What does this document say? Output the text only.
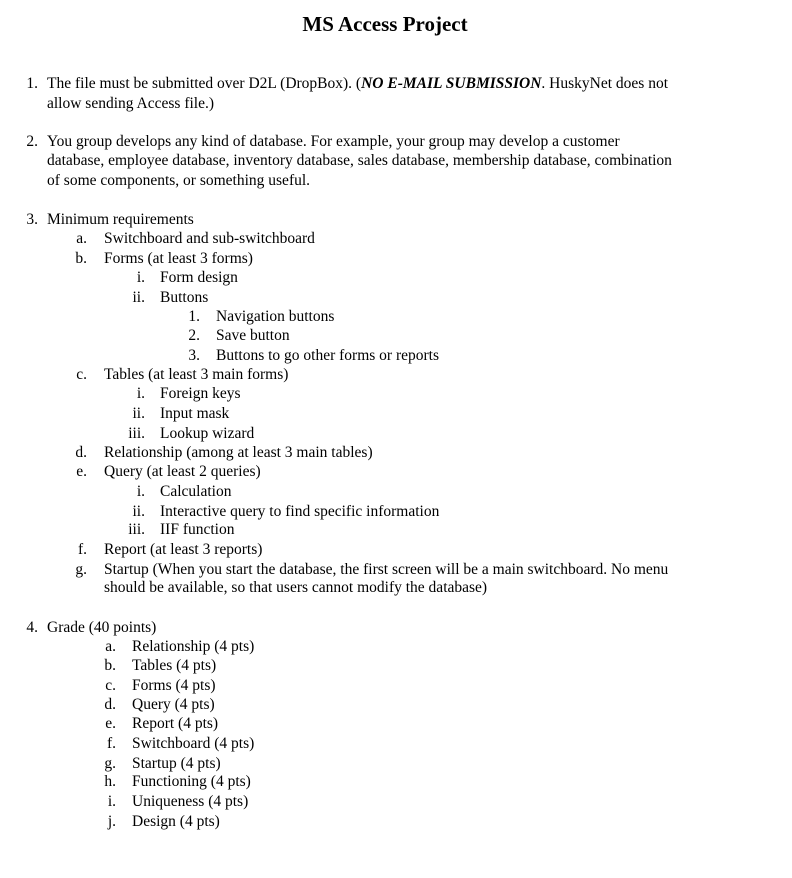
MS Access Project
1. The file must be submitted over D2L (DropBox). (NO E-MAIL SUBMISSION. HuskyNet does not
allow sending Access file.)
2. You group develops any kind of database. For example, your group may develop a customer
database, employee database, inventory database, sales database, membership database, combination
of some components, or something useful.
3. Minimum requirements
a. Switchboard and sub-switchboard
b. Forms (at least 3 forms)
i. Form design
ii. Buttons
1. Navigation buttons
2. Save button
3. Buttons to go other forms or reports
c. Tables (at least 3 main forms)
i. Foreign keys
ii. Input mask
iii. Lookup wizard
d. Relationship (among at least 3 main tables)
e. Query (at least 2 queries)
i. Calculation
ii. Interactive query to find specific information
iii. IIF function
f. Report (at least 3 reports)
g. Startup (When you start the database, the first screen will be a main switchboard. No menu
should be available, so that users cannot modify the database)
4. Grade (40 points)
a. Relationship (4 pts)
b. Tables (4 pts)
c. Forms (4 pts)
d. Query (4 pts)
e. Report (4 pts)
f. Switchboard (4 pts)
g. Startup (4 pts)
h. Functioning (4 pts)
i. Uniqueness (4 pts)
j. Design (4 pts)
